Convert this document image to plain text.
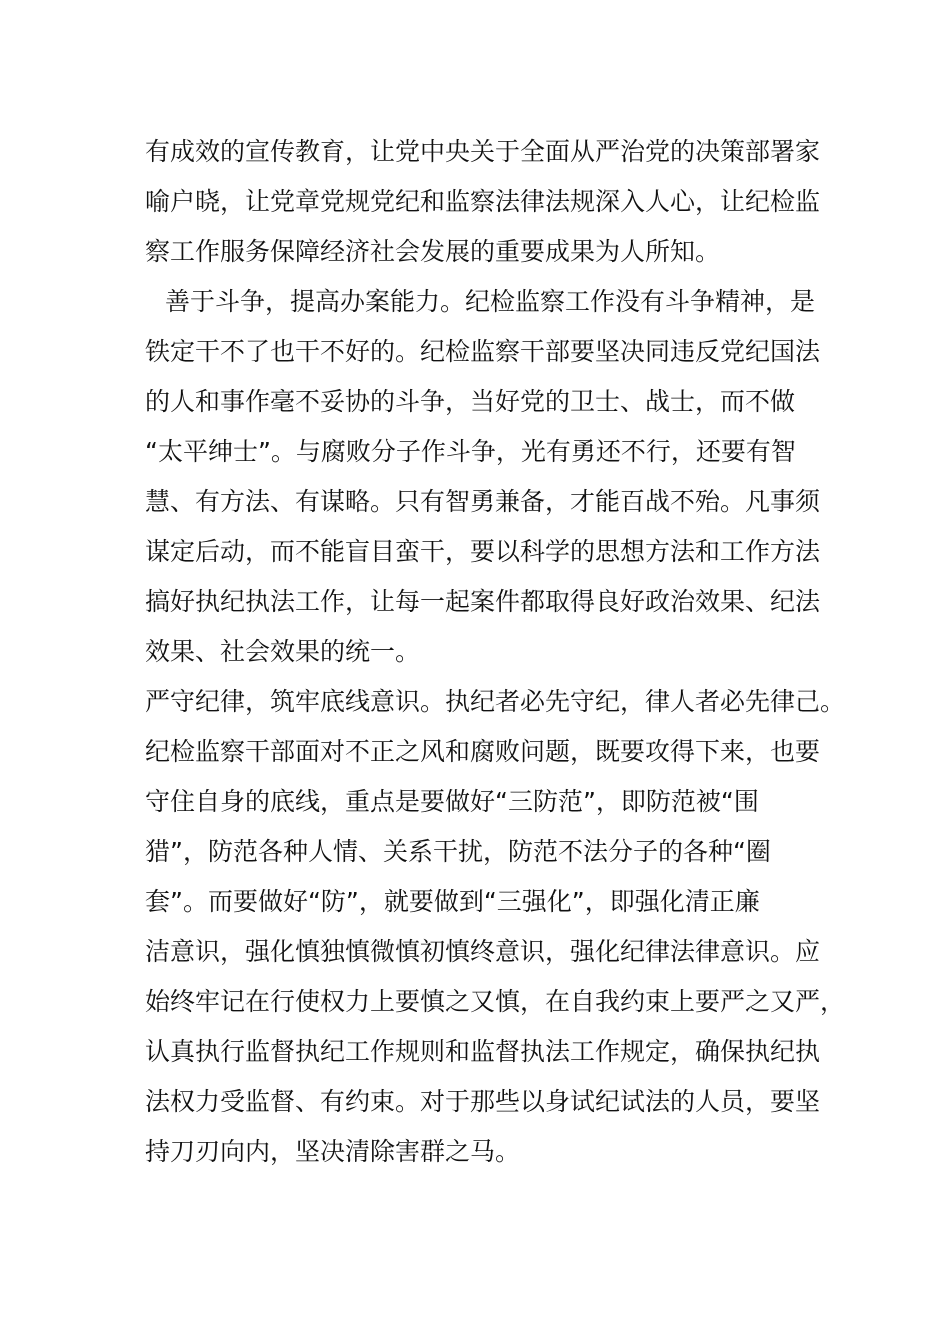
有成效的宣传教育，让党中央关于全面从严治党的决策部署家
喻户晓，让党章党规党纪和监察法律法规深入人心，让纪检监
察工作服务保障经济社会发展的重要成果为人所知。
善于斗争，提高办案能力。纪检监察工作没有斗争精神，是
铁定干不了也干不好的。纪检监察干部要坚决同违反党纪国法
的人和事作毫不妥协的斗争，当好党的卫士、战士，而不做
“太平绅士”。与腐败分子作斗争，光有勇还不行，还要有智
慧、有方法、有谋略。只有智勇兼备，才能百战不殆。凡事须
谋定后动，而不能盲目蛮干，要以科学的思想方法和工作方法
搞好执纪执法工作，让每一起案件都取得良好政治效果、纪法
效果、社会效果的统一。
严守纪律，筑牢底线意识。执纪者必先守纪，律人者必先律己。
纪检监察干部面对不正之风和腐败问题，既要攻得下来，也要
守住自身的底线，重点是要做好“三防范”，即防范被“围
猎”，防范各种人情、关系干扰，防范不法分子的各种“圈
套”。而要做好“防”，就要做到“三强化”，即强化清正廉
洁意识，强化慎独慎微慎初慎终意识，强化纪律法律意识。应
始终牢记在行使权力上要慎之又慎，在自我约束上要严之又严，
认真执行监督执纪工作规则和监督执法工作规定，确保执纪执
法权力受监督、有约束。对于那些以身试纪试法的人员，要坚
持刀刃向内，坚决清除害群之马。
